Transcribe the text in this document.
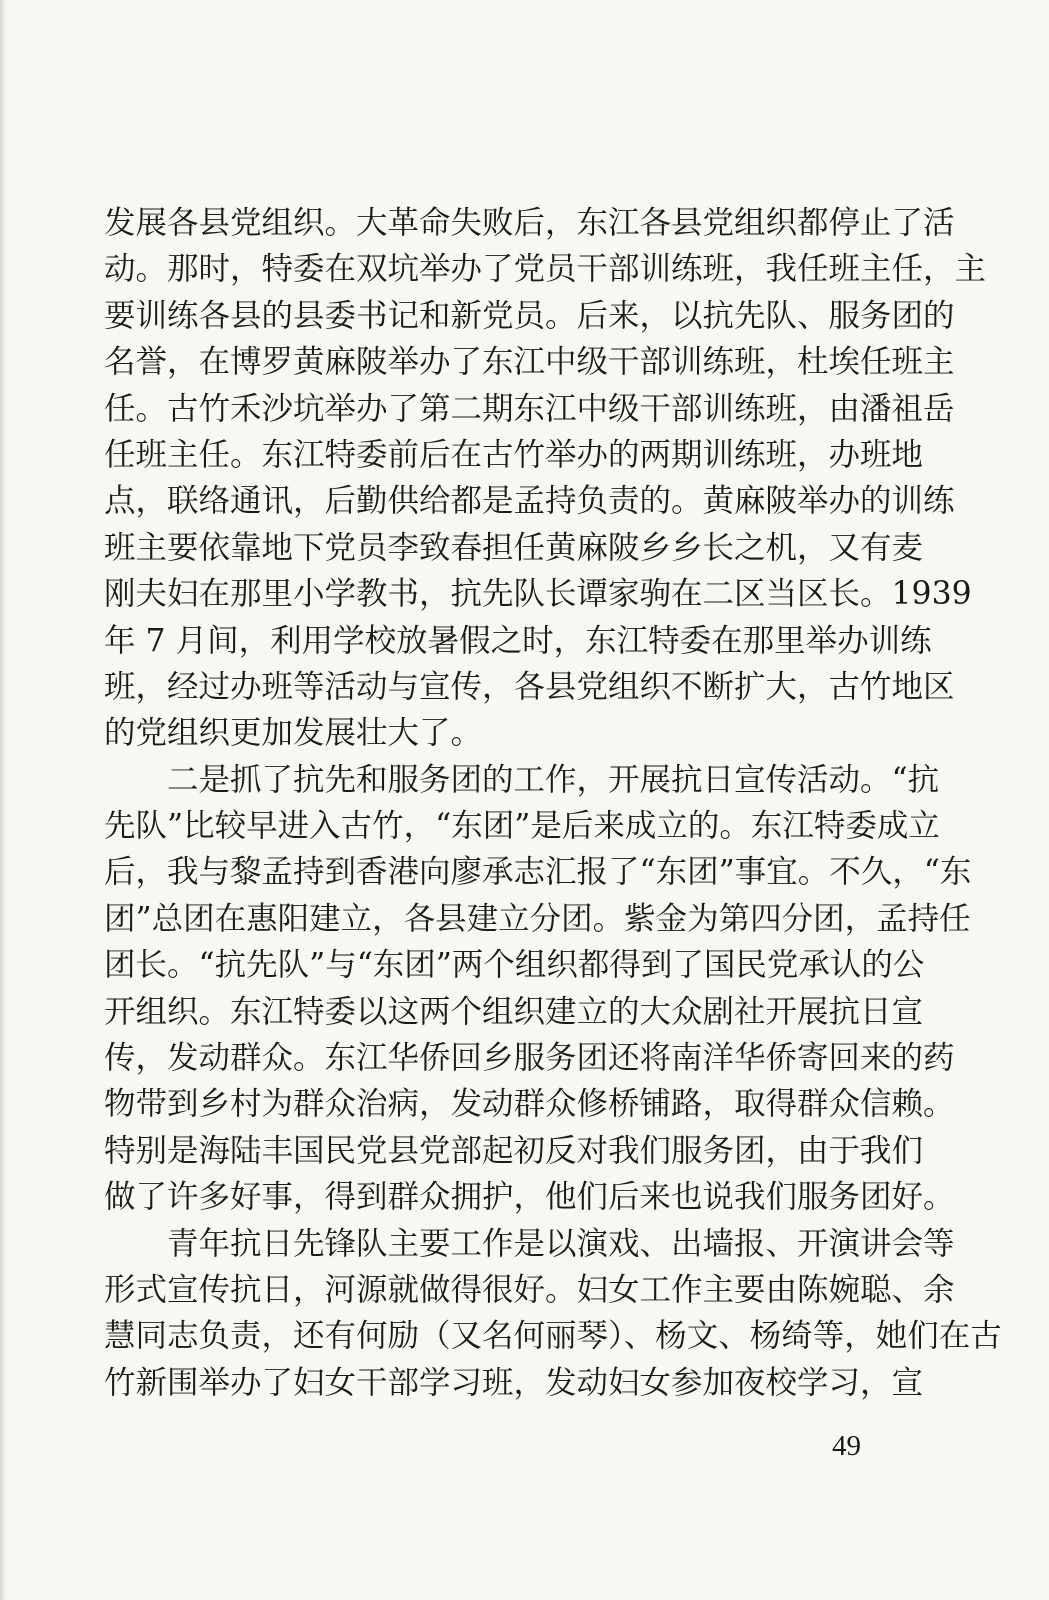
发展各县党组织。大革命失败后，东江各县党组织都停止了活
动。那时，特委在双坑举办了党员干部训练班，我任班主任，主
要训练各县的县委书记和新党员。后来，以抗先队、服务团的
名誉，在博罗黄麻陂举办了东江中级干部训练班，杜埃任班主
任。古竹禾沙坑举办了第二期东江中级干部训练班，由潘祖岳
任班主任。东江特委前后在古竹举办的两期训练班，办班地
点，联络通讯，后勤供给都是孟持负责的。黄麻陂举办的训练
班主要依靠地下党员李致春担任黄麻陂乡乡长之机，又有麦
刚夫妇在那里小学教书，抗先队长谭家驹在二区当区长。1939
年 7 月间，利用学校放暑假之时，东江特委在那里举办训练
班，经过办班等活动与宣传，各县党组织不断扩大，古竹地区
的党组织更加发展壮大了。
二是抓了抗先和服务团的工作，开展抗日宣传活动。“抗
先队”比较早进入古竹，“东团”是后来成立的。东江特委成立
后，我与黎孟持到香港向廖承志汇报了“东团”事宜。不久，“东
团”总团在惠阳建立，各县建立分团。紫金为第四分团，孟持任
团长。“抗先队”与“东团”两个组织都得到了国民党承认的公
开组织。东江特委以这两个组织建立的大众剧社开展抗日宣
传，发动群众。东江华侨回乡服务团还将南洋华侨寄回来的药
物带到乡村为群众治病，发动群众修桥铺路，取得群众信赖。
特别是海陆丰国民党县党部起初反对我们服务团，由于我们
做了许多好事，得到群众拥护，他们后来也说我们服务团好。
青年抗日先锋队主要工作是以演戏、出墙报、开演讲会等
形式宣传抗日，河源就做得很好。妇女工作主要由陈婉聪、余
慧同志负责，还有何励（又名何丽琴）、杨文、杨绮等，她们在古
竹新围举办了妇女干部学习班，发动妇女参加夜校学习，宣
49
